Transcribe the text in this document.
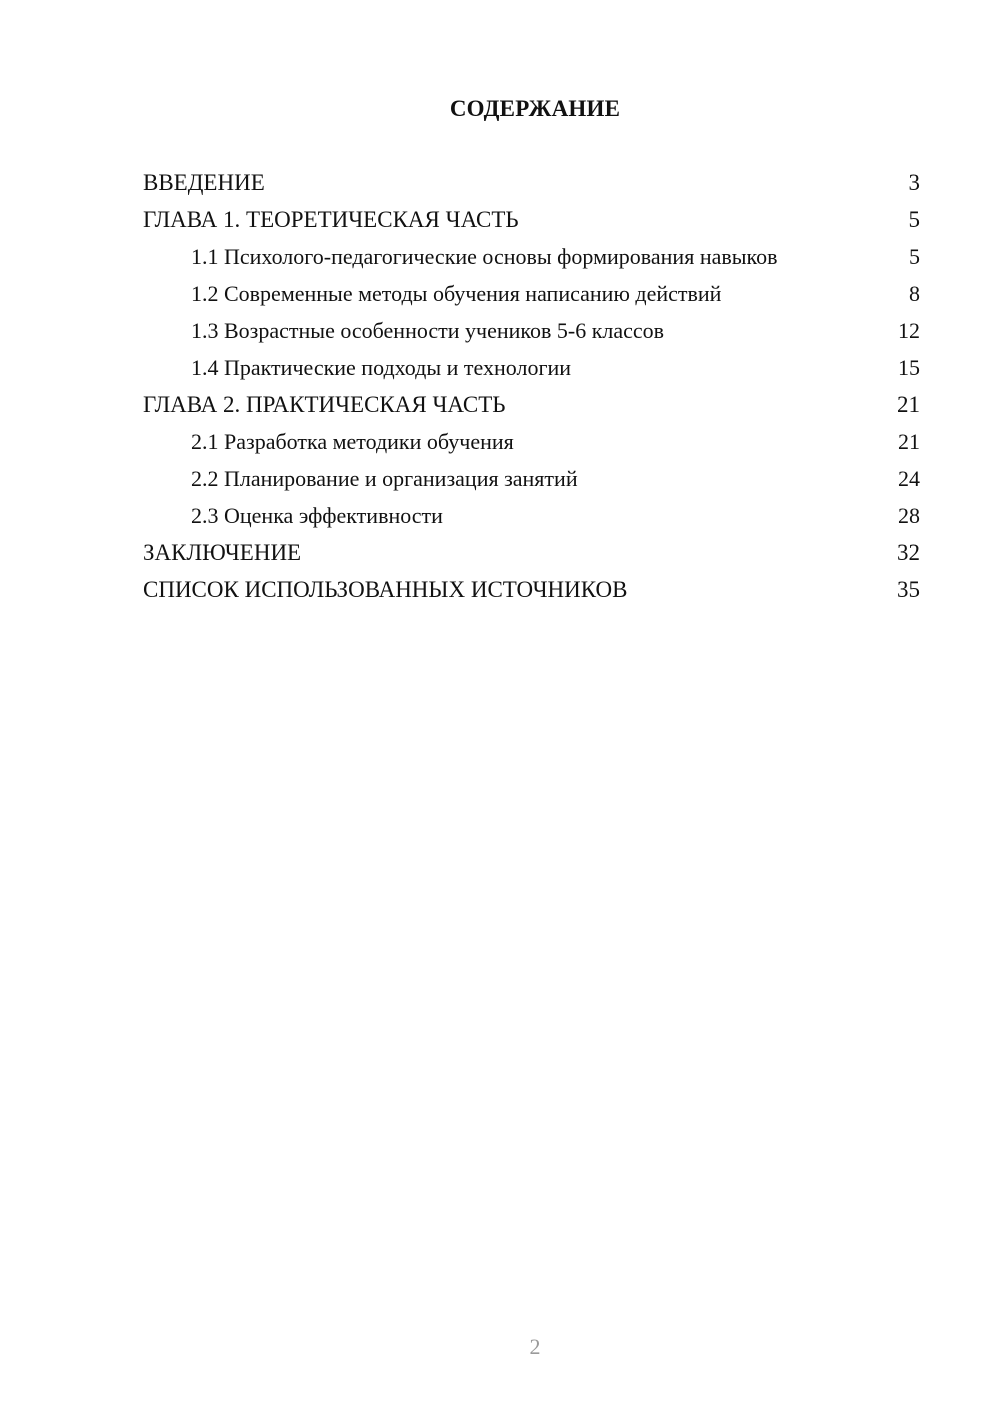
СОДЕРЖАНИЕ
ВВЕДЕНИЕ	3
ГЛАВА 1. ТЕОРЕТИЧЕСКАЯ ЧАСТЬ	5
1.1 Психолого-педагогические основы формирования навыков	5
1.2 Современные методы обучения написанию действий	8
1.3 Возрастные особенности учеников 5-6 классов	12
1.4 Практические подходы и технологии	15
ГЛАВА 2. ПРАКТИЧЕСКАЯ ЧАСТЬ	21
2.1 Разработка методики обучения	21
2.2 Планирование и организация занятий	24
2.3 Оценка эффективности	28
ЗАКЛЮЧЕНИЕ	32
СПИСОК ИСПОЛЬЗОВАННЫХ ИСТОЧНИКОВ	35
2
